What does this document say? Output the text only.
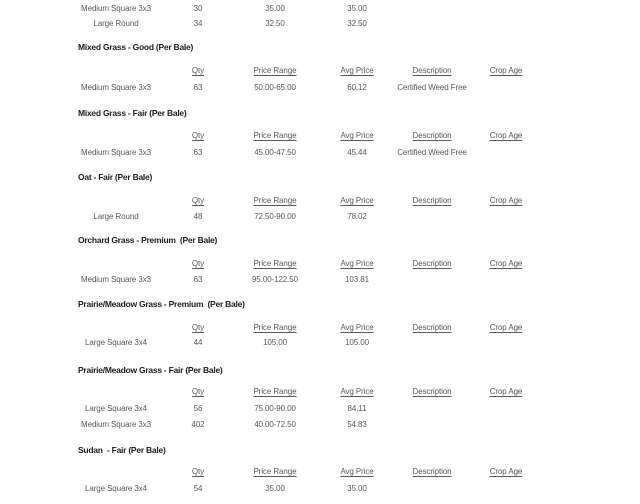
Medium Square 3x3	30	35.00	35.00
Large Round	34	32.50	32.50
Mixed Grass - Good (Per Bale)
Qty	Price Range	Avg Price	Description	Crop Age
Medium Square 3x3	63	50.00-65.00	60.12	Certified Weed Free
Mixed Grass - Fair (Per Bale)
Qty	Price Range	Avg Price	Description	Crop Age
Medium Square 3x3	63	45.00-47.50	45.44	Certified Weed Free
Oat - Fair (Per Bale)
Qty	Price Range	Avg Price	Description	Crop Age
Large Round	48	72.50-90.00	78.02
Orchard Grass - Premium  (Per Bale)
Qty	Price Range	Avg Price	Description	Crop Age
Medium Square 3x3	63	95.00-122.50	103.81
Prairie/Meadow Grass - Premium  (Per Bale)
Qty	Price Range	Avg Price	Description	Crop Age
Large Square 3x4	44	105.00	105.00
Prairie/Meadow Grass - Fair (Per Bale)
Qty	Price Range	Avg Price	Description	Crop Age
Large Square 3x4	56	75.00-90.00	84.11
Medium Square 3x3	402	40.00-72.50	54.83
Sudan  - Fair (Per Bale)
Qty	Price Range	Avg Price	Description	Crop Age
Large Square 3x4	54	35.00	35.00
